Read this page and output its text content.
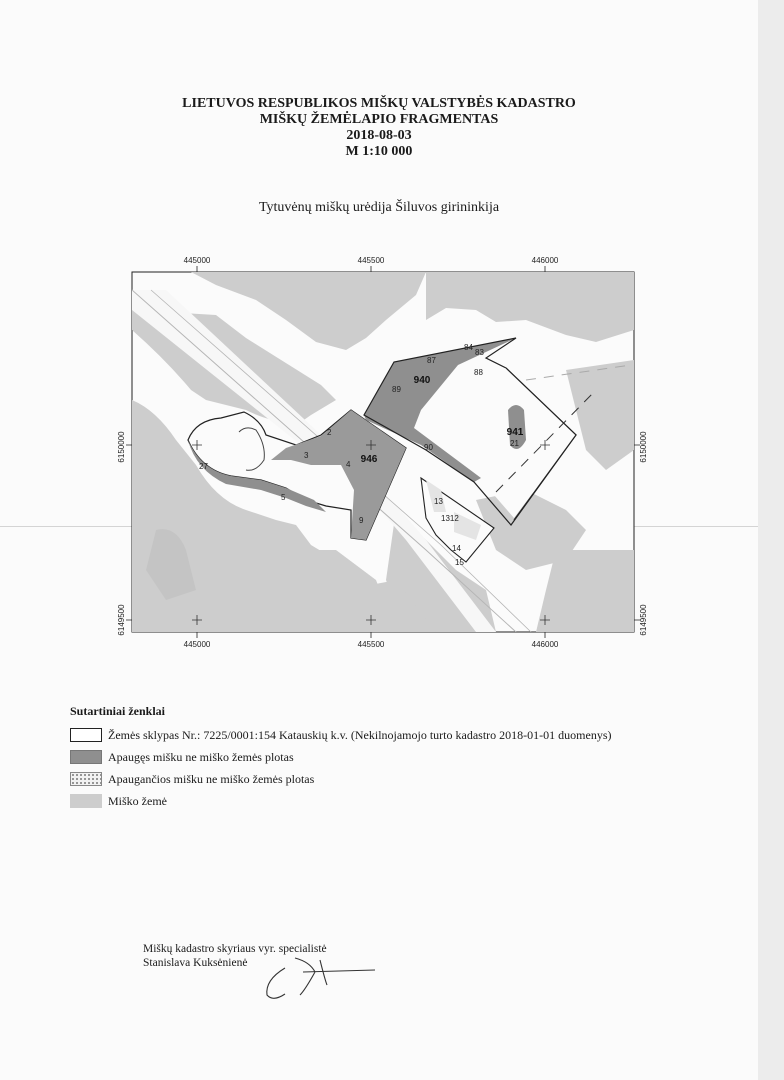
LIETUVOS RESPUBLIKOS MIŠKŲ VALSTYBĖS KADASTRO
MIŠKŲ ŽEMĖLAPIO FRAGMENTAS
2018-08-03
M 1:10 000
Tytuvėnų miškų urėdija Šiluvos girininkija
445000	445500	446000
445000	445500	446000
6150000
6149500
6150000
6149500
940
941
946
2
3
4
5
9
13
1312
14
15
21
27
83
84
87
88
89
90
Sutartiniai ženklai
Žemės sklypas Nr.: 7225/0001:154 Katauskių k.v. (Nekilnojamojo turto kadastro 2018-01-01 duomenys)
Apaugęs mišku ne miško žemės plotas
Apaugančios mišku ne miško žemės plotas
Miško žemė
Miškų kadastro skyriaus vyr. specialistė
Stanislava Kuksėnienė
